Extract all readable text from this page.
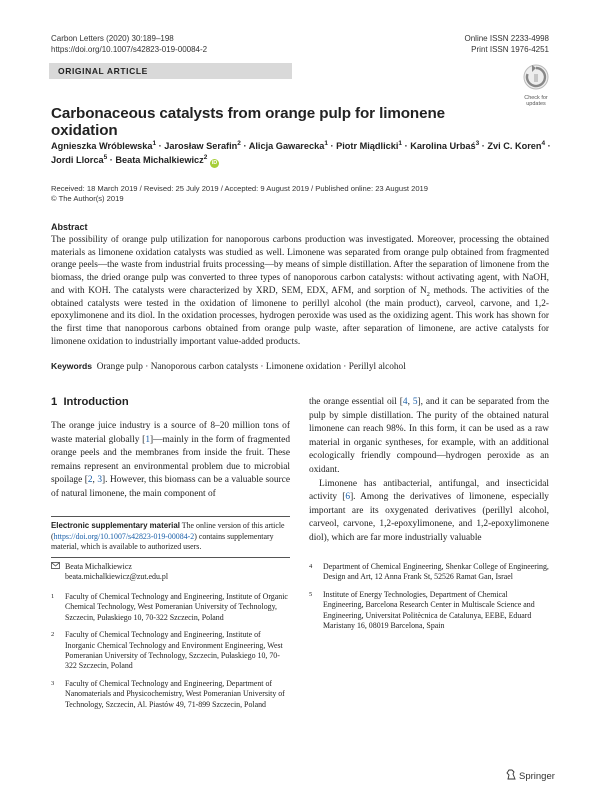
Carbon Letters (2020) 30:189–198
https://doi.org/10.1007/s42823-019-00084-2
Online ISSN 2233-4998
Print ISSN 1976-4251
ORIGINAL ARTICLE
Check for
updates
Carbonaceous catalysts from orange pulp for limonene oxidation
Agnieszka Wróblewska$^1$ · Jarosław Serafin$^2$ · Alicja Gawarecka$^1$ · Piotr Miądlicki$^1$ · Karolina Urbaś$^3$ · Zvi C. Koren$^4$ ·
Jordi Llorca$^5$ · Beata Michalkiewicz$^2$ iD
Received: 18 March 2019 / Revised: 25 July 2019 / Accepted: 9 August 2019 / Published online: 23 August 2019
© The Author(s) 2019
Abstract
The possibility of orange pulp utilization for nanoporous carbons production was investigated. Moreover, processing the obtained materials as limonene oxidation catalysts was studied as well. Limonene was separated from orange pulp obtained from fragmented orange peels—the waste from industrial fruits processing—by means of simple distillation. After the separation of limonene from the biomass, the dried orange pulp was converted to three types of nanoporous carbon catalysts: without activating agent, with NaOH, and with KOH. The catalysts were characterized by XRD, SEM, EDX, AFM, and sorption of $N_2$ methods. The activities of the obtained catalysts were tested in the oxidation of limonene to perillyl alcohol (the main product), carveol, carvone, and 1,2-epoxylimonene and its diol. In the oxidation processes, hydrogen peroxide was used as the oxidizing agent. This work has shown for the first time that nanoporous carbons obtained from orange pulp waste, after separation of limonene, are active catalysts for limonene oxidation to industrially important value-added products.
Keywords Orange pulp · Nanoporous carbon catalysts · Limonene oxidation · Perillyl alcohol
1 Introduction

The orange juice industry is a source of 8–20 million tons of waste material globally [1]—mainly in the form of fragmented orange peels and the membranes from inside the fruit. These remains represent an environmental problem due to microbial spoilage [2, 3]. However, this biomass can be a valuable source of natural limonene, the main component of

the orange essential oil [4, 5], and it can be separated from the pulp by simple distillation. The purity of the obtained natural limonene can reach 98%. In this form, it can be used as a raw material in organic syntheses, for example, with an additional ecologically friendly compound—hydrogen peroxide as an oxidant.

Limonene has antibacterial, antifungal, and insecticidal activity [6]. Among the derivatives of limonene, especially important are its oxygenated derivatives (perillyl alcohol, carveol, carvone, 1,2-epoxylimonene, and 1,2-epoxylimonene diol), which are far more industrially valuable

Electronic supplementary material The online version of this article (https://doi.org/10.1007/s42823-019-00084-2) contains supplementary material, which is available to authorized users.
Beata Michalkiewicz
beata.michalkiewicz@zut.edu.pl
1	Faculty of Chemical Technology and Engineering, Institute of Organic Chemical Technology, West Pomeranian University of Technology, Szczecin, Pułaskiego 10, 70-322 Szczecin, Poland
2	Faculty of Chemical Technology and Engineering, Institute of Inorganic Chemical Technology and Environment Engineering, West Pomeranian University of Technology, Szczecin, Pułaskiego 10, 70-322 Szczecin, Poland
3	Faculty of Chemical Technology and Engineering, Department of Nanomaterials and Physicochemistry, West Pomeranian University of Technology, Szczecin, Al. Piastów 49, 71-899 Szczecin, Poland
4	Department of Chemical Engineering, Shenkar College of Engineering, Design and Art, 12 Anna Frank St, 52526 Ramat Gan, Israel
5	Institute of Energy Technologies, Department of Chemical Engineering, Barcelona Research Center in Multiscale Science and Engineering, Universitat Politècnica de Catalunya, EEBE, Eduard Maristany 16, 08019 Barcelona, Spain
Springer
